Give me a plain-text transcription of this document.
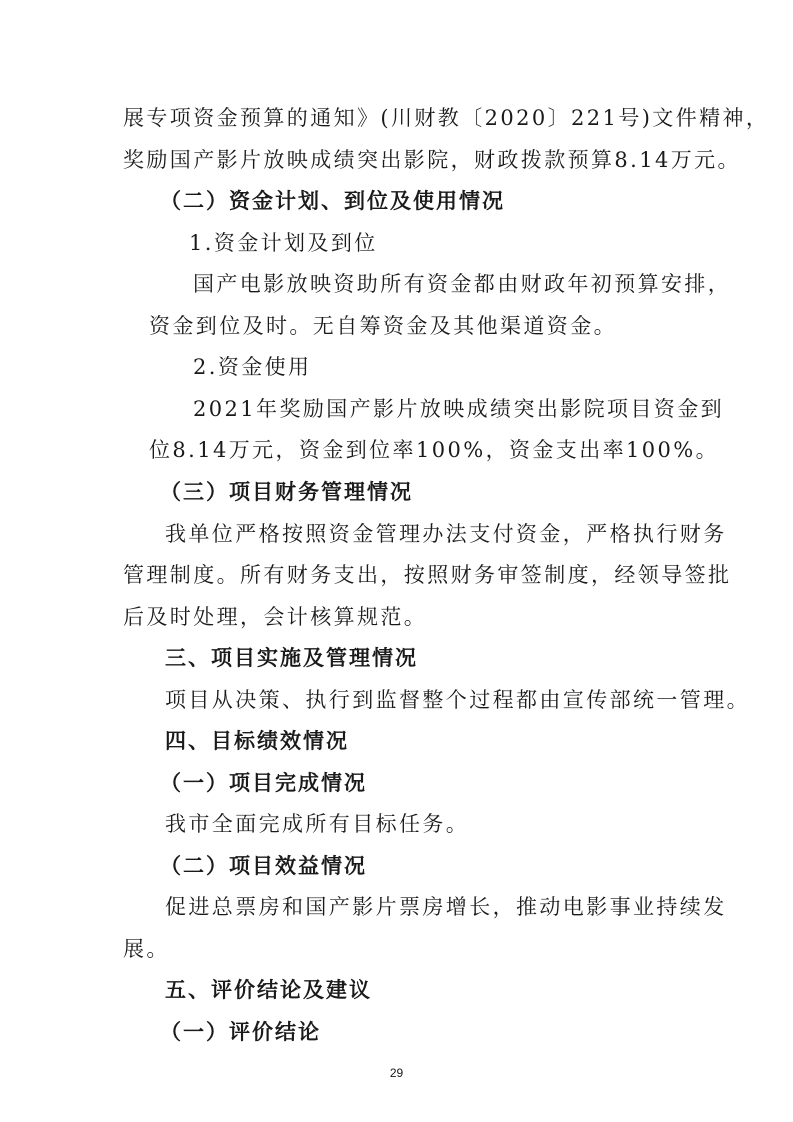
展专项资金预算的通知》(川财教〔2020〕221号)文件精神，
奖励国产影片放映成绩突出影院，财政拨款预算8.14万元。
（二）资金计划、到位及使用情况
1.资金计划及到位
国产电影放映资助所有资金都由财政年初预算安排，
资金到位及时。无自筹资金及其他渠道资金。
2.资金使用
2021年奖励国产影片放映成绩突出影院项目资金到
位8.14万元，资金到位率100%，资金支出率100%。
（三）项目财务管理情况
我单位严格按照资金管理办法支付资金，严格执行财务
管理制度。所有财务支出，按照财务审签制度，经领导签批
后及时处理，会计核算规范。
三、项目实施及管理情况
项目从决策、执行到监督整个过程都由宣传部统一管理。
四、目标绩效情况
（一）项目完成情况
我市全面完成所有目标任务。
（二）项目效益情况
促进总票房和国产影片票房增长，推动电影事业持续发
展。
五、评价结论及建议
（一）评价结论
29
